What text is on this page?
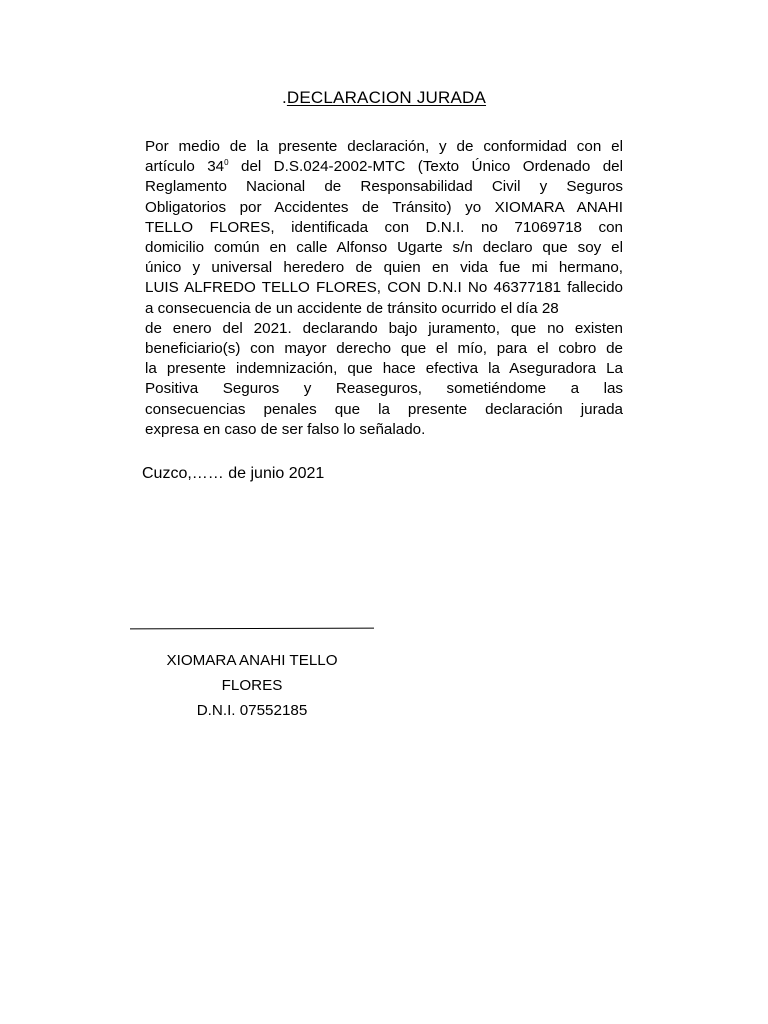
.DECLARACION JURADA
Por medio de la presente declaración, y de conformidad con el
artículo $34^0$ del D.S.024-2002-MTC (Texto Único Ordenado del
Reglamento Nacional de Responsabilidad Civil y Seguros
Obligatorios por Accidentes de Tránsito) yo XIOMARA ANAHI
TELLO FLORES, identificada con D.N.I. no 71069718 con
domicilio común en calle Alfonso Ugarte s/n declaro que soy el
único y universal heredero de quien en vida fue mi hermano,
LUIS ALFREDO TELLO FLORES, CON D.N.I No 46377181 fallecido
a consecuencia de un accidente de tránsito ocurrido el día 28
de enero del 2021. declarando bajo juramento, que no existen
beneficiario(s) con mayor derecho que el mío, para el cobro de
la presente indemnización, que hace efectiva la Aseguradora La
Positiva Seguros y Reaseguros, sometiéndome a las
consecuencias penales que la presente declaración jurada
expresa en caso de ser falso lo señalado.
Cuzco,…… de junio 2021
XIOMARA ANAHI TELLO
FLORES
D.N.I. 07552185
